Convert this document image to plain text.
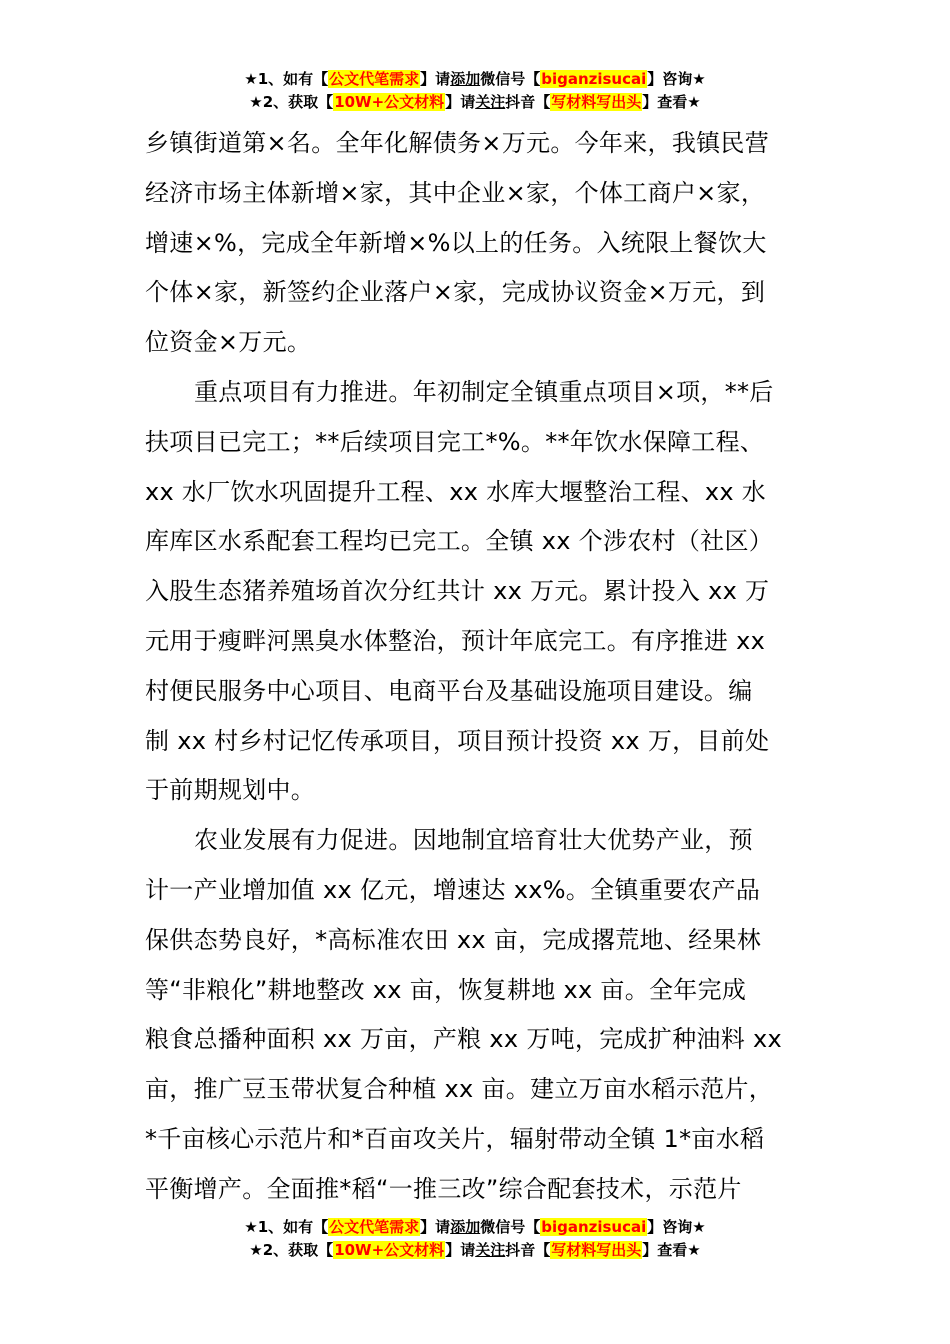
★1、如有【公文代笔需求】请添加微信号【biganzisucai】咨询★
★2、获取【10W+公文材料】请关注抖音【写材料写出头】查看★
乡镇街道第×名。全年化解债务×万元。今年来，我镇民营
经济市场主体新增×家，其中企业×家，个体工商户×家，
增速×%，完成全年新增×%以上的任务。入统限上餐饮大
个体×家，新签约企业落户×家，完成协议资金×万元，到
位资金×万元。
重点项目有力推进。年初制定全镇重点项目×项，**后
扶项目已完工；**后续项目完工*%。**年饮水保障工程、
xx 水厂饮水巩固提升工程、xx 水库大堰整治工程、xx 水
库库区水系配套工程均已完工。全镇 xx 个涉农村（社区）
入股生态猪养殖场首次分红共计 xx 万元。累计投入 xx 万
元用于瘦畔河黑臭水体整治，预计年底完工。有序推进 xx
村便民服务中心项目、电商平台及基础设施项目建设。编
制 xx 村乡村记忆传承项目，项目预计投资 xx 万，目前处
于前期规划中。
农业发展有力促进。因地制宜培育壮大优势产业，预
计一产业增加值 xx 亿元，增速达 xx%。全镇重要农产品
保供态势良好，*高标准农田 xx 亩，完成撂荒地、经果林
等“非粮化”耕地整改 xx 亩，恢复耕地 xx 亩。全年完成
粮食总播种面积 xx 万亩，产粮 xx 万吨，完成扩种油料 xx
亩，推广豆玉带状复合种植 xx 亩。建立万亩水稻示范片，
*千亩核心示范片和*百亩攻关片，辐射带动全镇 1*亩水稻
平衡增产。全面推*稻“一推三改”综合配套技术，示范片
★1、如有【公文代笔需求】请添加微信号【biganzisucai】咨询★
★2、获取【10W+公文材料】请关注抖音【写材料写出头】查看★
